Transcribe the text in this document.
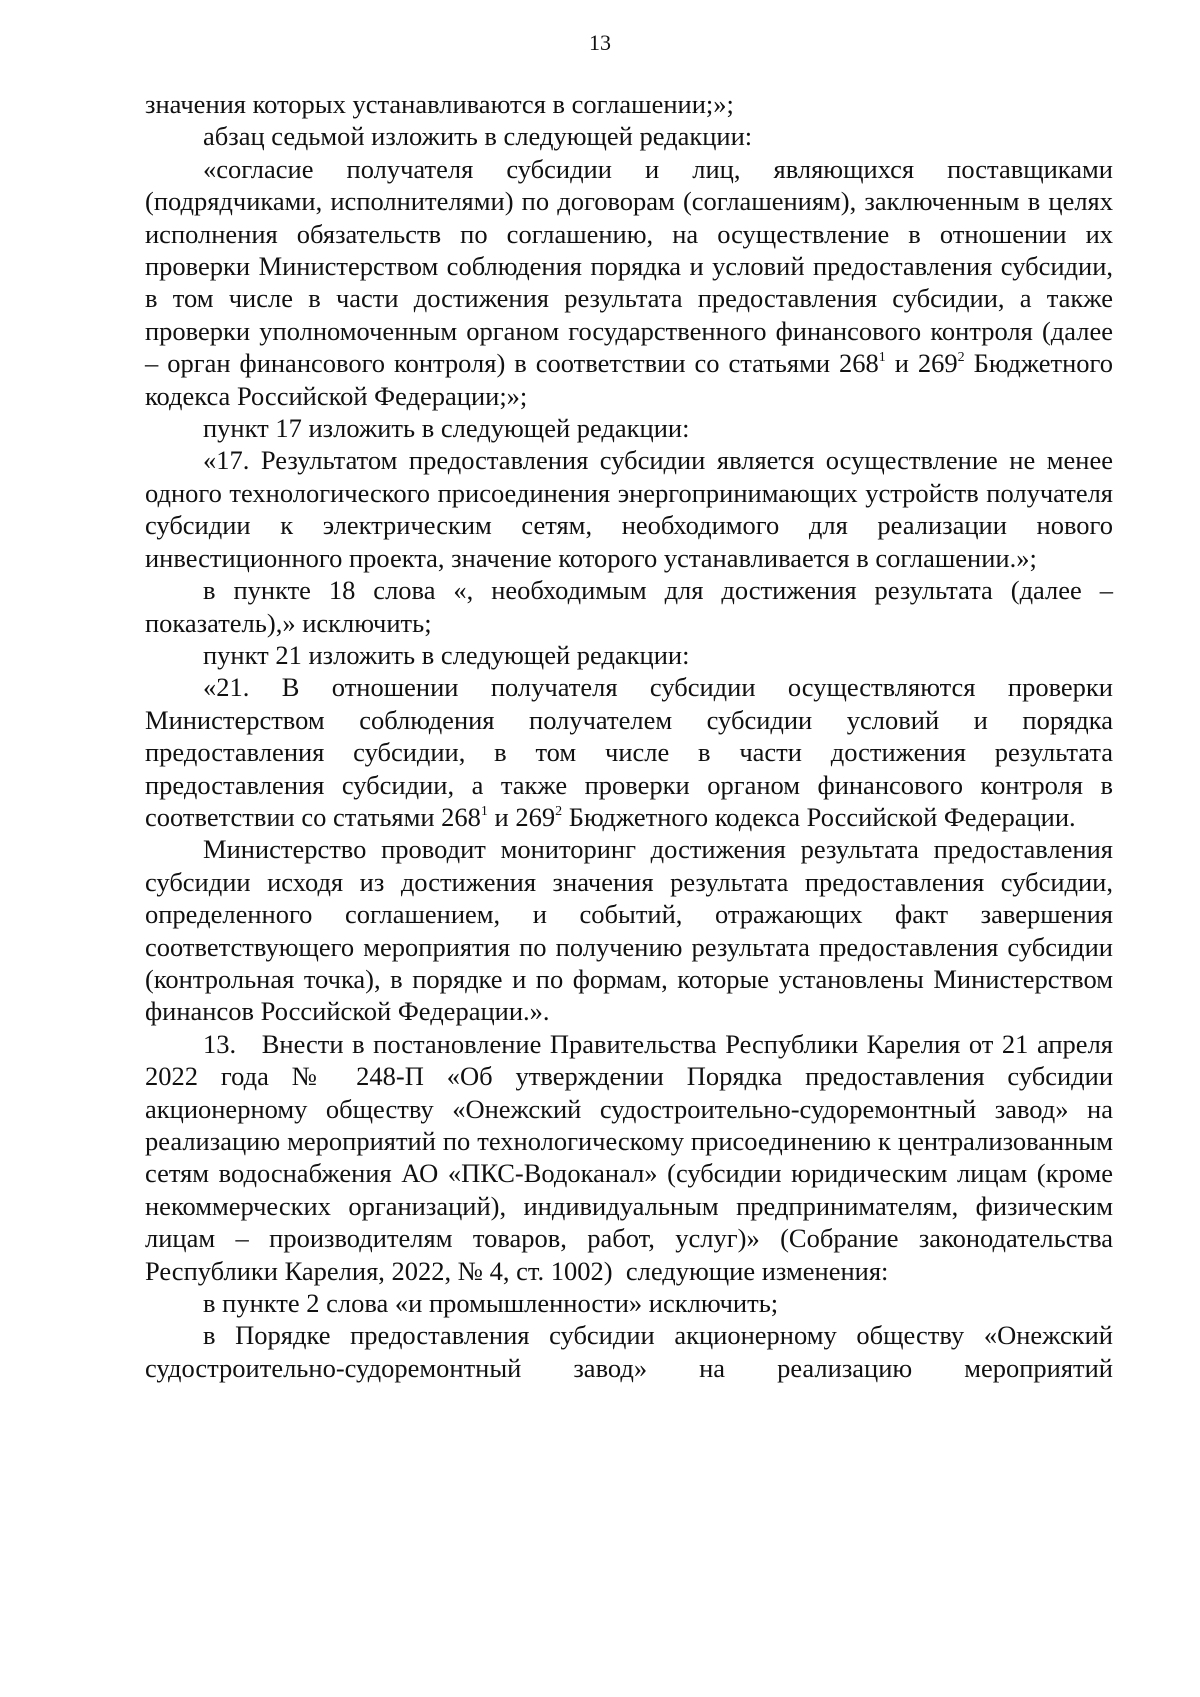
13

значения которых устанавливаются в соглашении;»;

абзац седьмой изложить в следующей редакции:

«согласие получателя субсидии и лиц, являющихся поставщиками (подрядчиками, исполнителями) по договорам (соглашениям), заключенным в целях исполнения обязательств по соглашению, на осуществление в отношении их проверки Министерством соблюдения порядка и условий предоставления субсидии, в том числе в части достижения результата предоставления субсидии, а также проверки уполномоченным органом государственного финансового контроля (далее – орган финансового контроля) в соответствии со статьями $268^1$ и $269^2$ Бюджетного кодекса Российской Федерации;»;

пункт 17 изложить в следующей редакции:

«17. Результатом предоставления субсидии является осуществление не менее одного технологического присоединения энергопринимающих устройств получателя субсидии к электрическим сетям, необходимого для реализации нового инвестиционного проекта, значение которого устанавливается в соглашении.»;

в пункте 18 слова «, необходимым для достижения результата (далее – показатель),» исключить;

пункт 21 изложить в следующей редакции:

«21. В отношении получателя субсидии осуществляются проверки Министерством соблюдения получателем субсидии условий и порядка предоставления субсидии, в том числе в части достижения результата предоставления субсидии, а также проверки органом финансового контроля в соответствии со статьями $268^1$ и $269^2$ Бюджетного кодекса Российской Федерации.

Министерство проводит мониторинг достижения результата предоставления субсидии исходя из достижения значения результата предоставления субсидии, определенного соглашением, и событий, отражающих факт завершения соответствующего мероприятия по получению результата предоставления субсидии (контрольная точка), в порядке и по формам, которые установлены Министерством финансов Российской Федерации.».

13.   Внести в постановление Правительства Республики Карелия от 21 апреля 2022 года № 248-П «Об утверждении Порядка предоставления субсидии акционерному обществу «Онежский судостроительно-судоремонтный завод» на реализацию мероприятий по технологическому присоединению к централизованным сетям водоснабжения АО «ПКС-Водоканал» (субсидии юридическим лицам (кроме некоммерческих организаций), индивидуальным предпринимателям, физическим лицам – производителям товаров, работ, услуг)» (Собрание законодательства Республики Карелия, 2022, № 4, ст. 1002)  следующие изменения:

в пункте 2 слова «и промышленности» исключить;

в Порядке предоставления субсидии акционерному обществу «Онежский судостроительно-судоремонтный завод» на реализацию мероприятий
